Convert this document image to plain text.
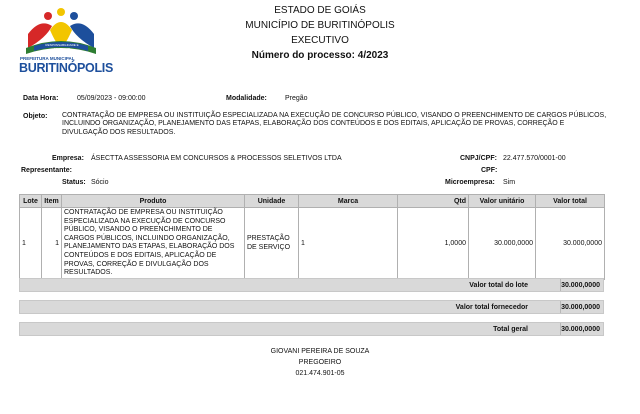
RESPONSABILIDADE E TRABALHO
PREFEITURA MUNICIPAL
BURITINÓPOLIS
ESTADO DE GOIÁS
MUNICÍPIO DE BURITINÓPOLIS
EXECUTIVO
Número do processo: 4/2023
Data Hora:	05/09/2023 - 09:00:00	Modalidade:	Pregão
Objeto: CONTRATAÇÃO DE EMPRESA OU INSTITUIÇÃO ESPECIALIZADA NA EXECUÇÃO DE CONCURSO PÚBLICO, VISANDO O PREENCHIMENTO DE CARGOS PÚBLICOS, INCLUINDO ORGANIZAÇÃO, PLANEJAMENTO DAS ETAPAS, ELABORAÇÃO DOS CONTEÚDOS E DOS EDITAIS, APLICAÇÃO DE PROVAS, CORREÇÃO E DIVULGAÇÃO DOS RESULTADOS.
Empresa: ÁSECTTA ASSESSORIA EM CONCURSOS & PROCESSOS SELETIVOS LTDA	CNPJ/CPF: 22.477.570/0001-00
Representante:	CPF:
Status: Sócio	Microempresa: Sim
Lote	Item	Produto	Unidade	Marca	Qtd	Valor unitário	Valor total
1	1	CONTRATAÇÃO DE EMPRESA OU INSTITUIÇÃO ESPECIALIZADA NA EXECUÇÃO DE CONCURSO PÚBLICO, VISANDO O PREENCHIMENTO DE CARGOS PÚBLICOS, INCLUINDO ORGANIZAÇÃO, PLANEJAMENTO DAS ETAPAS, ELABORAÇÃO DOS CONTEÚDOS E DOS EDITAIS, APLICAÇÃO DE PROVAS, CORREÇÃO E DIVULGAÇÃO DOS RESULTADOS.	PRESTAÇÃO DE SERVIÇO	1	1,0000	30.000,0000	30.000,0000
Valor total do lote	30.000,0000
Valor total fornecedor	30.000,0000
Total geral	30.000,0000
GIOVANI PEREIRA DE SOUZA
PREGOEIRO
021.474.901-05
